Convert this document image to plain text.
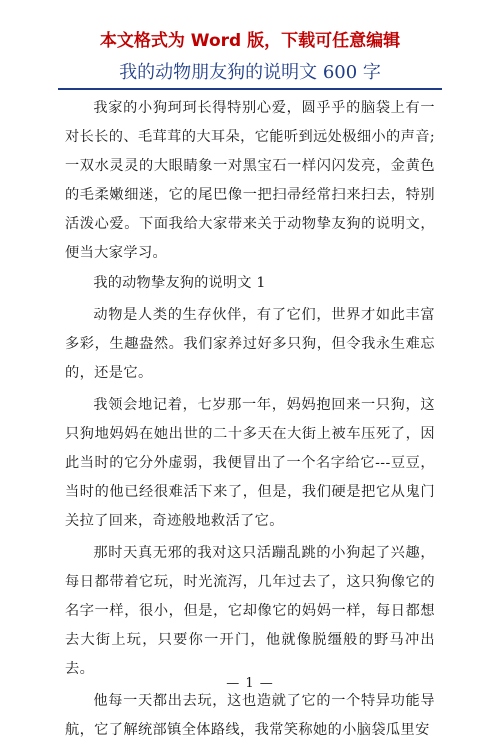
本文格式为 Word 版，下载可任意编辑
我的动物朋友狗的说明文 600 字

我家的小狗珂珂长得特别心爱，圆乎乎的脑袋上有一对长长的、毛茸茸的大耳朵，它能听到远处极细小的声音;一双水灵灵的大眼睛象一对黑宝石一样闪闪发亮，金黄色的毛柔嫩细迷，它的尾巴像一把扫帚经常扫来扫去，特别活泼心爱。下面我给大家带来关于动物挚友狗的说明文，便当大家学习。

我的动物挚友狗的说明文 1

动物是人类的生存伙伴，有了它们，世界才如此丰富多彩，生趣盎然。我们家养过好多只狗，但令我永生难忘的，还是它。

我领会地记着，七岁那一年，妈妈抱回来一只狗，这只狗地妈妈在她出世的二十多天在大街上被车压死了，因此当时的它分外虚弱，我便冒出了一个名字给它---豆豆，当时的他已经很难活下来了，但是，我们硬是把它从鬼门关拉了回来，奇迹般地救活了它。

那时天真无邪的我对这只活蹦乱跳的小狗起了兴趣，每日都带着它玩，时光流泻，几年过去了，这只狗像它的名字一样，很小，但是，它却像它的妈妈一样，每日都想去大街上玩，只要你一开门，他就像脱缰般的野马冲出去。

他每一天都出去玩，这也造就了它的一个特异功能导航，它了解统部镇全体路线，我常笑称她的小脑袋瓜里安

— 1 —
